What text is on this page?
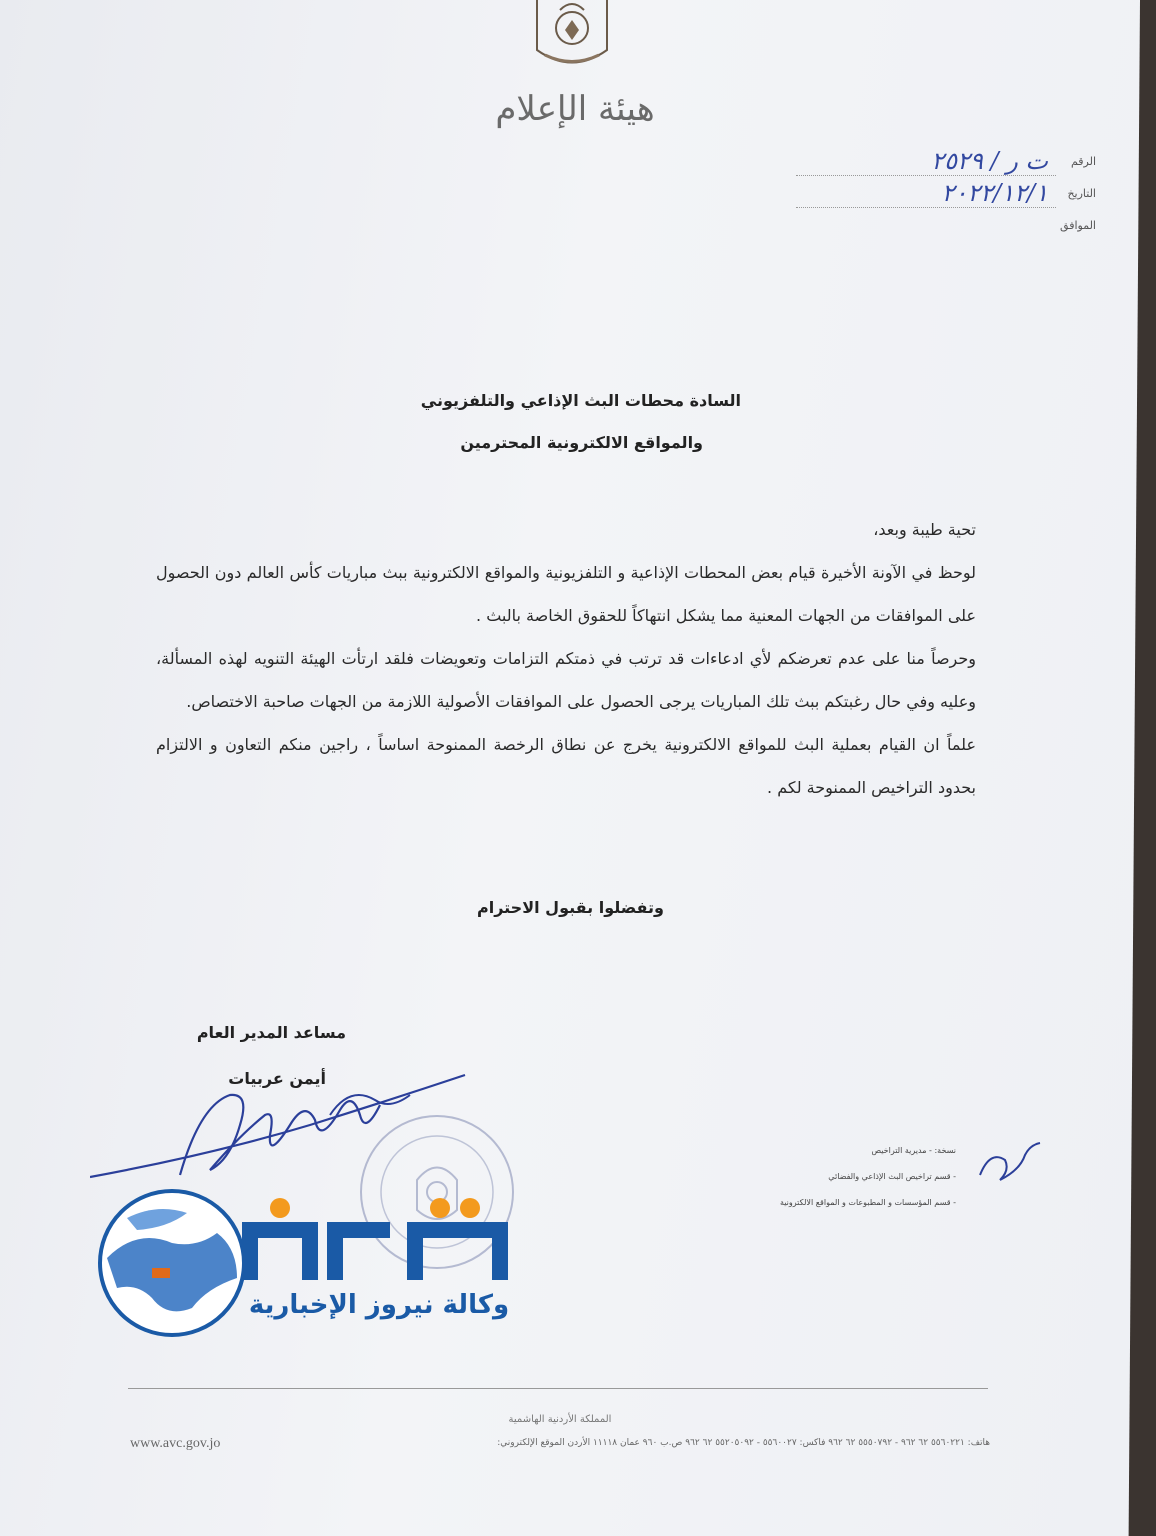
هيئة الإعلام
الرقم
ت ر / ٢٥٢٩
التاريخ
٢٠٢٢/١٢/١
الموافق
السادة محطات البث الإذاعي والتلفزيوني
والمواقع الالكترونية المحترمين

تحية طيبة وبعد،

لوحظ في الآونة الأخيرة قيام بعض المحطات الإذاعية و التلفزيونية والمواقع الالكترونية ببث مباريات كأس العالم دون الحصول على الموافقات من الجهات المعنية مما يشكل انتهاكاً للحقوق الخاصة بالبث .

وحرصاً منا على عدم تعرضكم لأي ادعاءات قد ترتب في ذمتكم التزامات وتعويضات فلقد ارتأت الهيئة التنويه لهذه المسألة، وعليه وفي حال رغبتكم ببث تلك المباريات يرجى الحصول على الموافقات الأصولية اللازمة من الجهات صاحبة الاختصاص.

علماً ان القيام بعملية البث للمواقع الالكترونية يخرج عن نطاق الرخصة الممنوحة اساساً ، راجين منكم التعاون و الالتزام بحدود التراخيص الممنوحة لكم .

وتفضلوا بقبول الاحترام
مساعد المدير العام
أيمن عربيات
نسخة: - مديرية التراخيص
- قسم تراخيص البث الإذاعي والفضائي
- قسم المؤسسات و المطبوعات و المواقع الالكترونية
وكالة نيروز الإخبارية
المملكة الأردنية الهاشمية
هاتف: ٥٥٦٠٢٢١ ٦٢ ٩٦٢ - ٥٥٥٠٧٩٢ ٦٢ ٩٦٢ فاكس: ٥٥٦٠٠٢٧ - ٥٥٢٠٥٠٩٢ ٦٢ ٩٦٢ ص.ب ٩٦٠ عمان ١١١١٨ الأردن الموقع الإلكتروني:
www.avc.gov.jo
